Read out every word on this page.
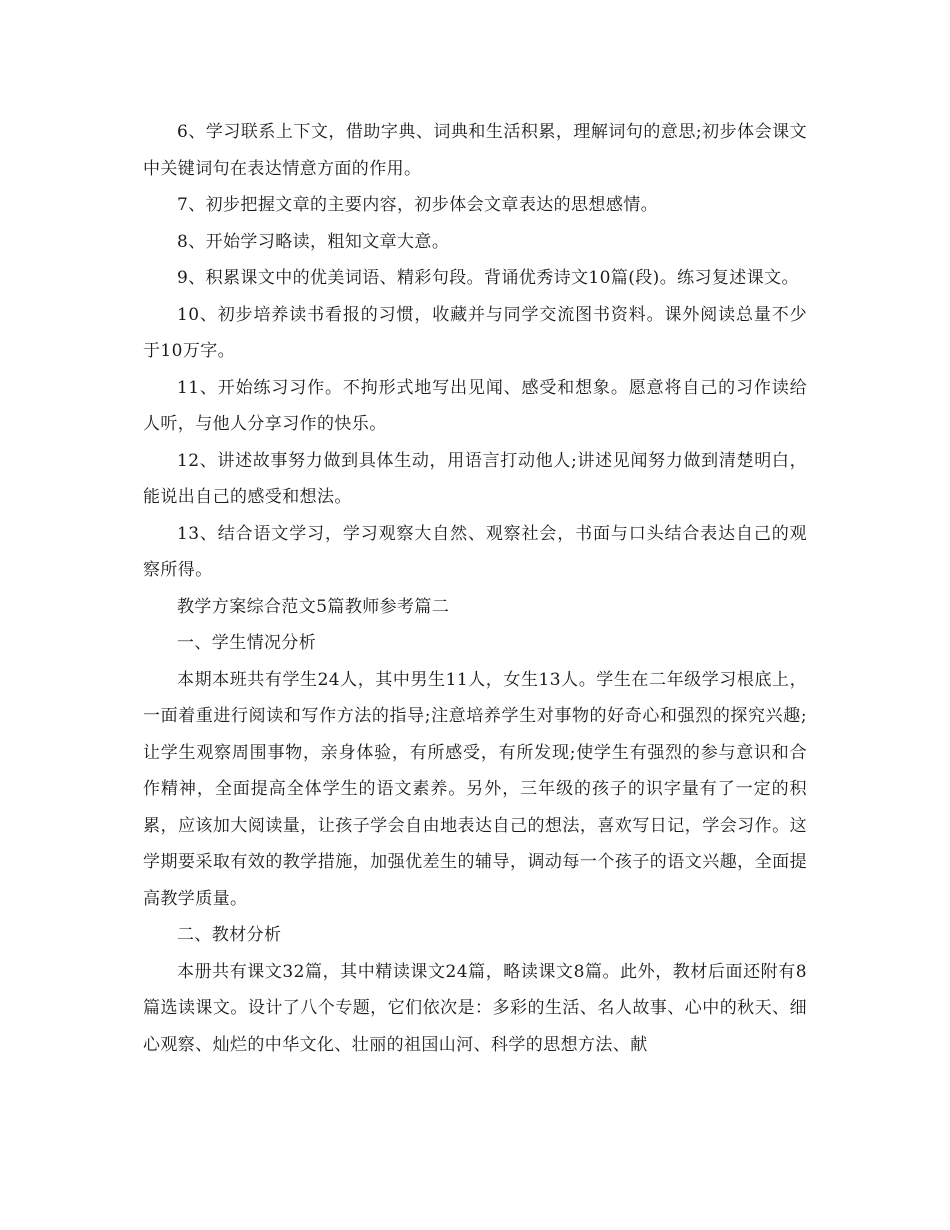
6、学习联系上下文，借助字典、词典和生活积累，理解词句的意思;初步体会课文中关键词句在表达情意方面的作用。

7、初步把握文章的主要内容，初步体会文章表达的思想感情。

8、开始学习略读，粗知文章大意。

9、积累课文中的优美词语、精彩句段。背诵优秀诗文10篇(段)。练习复述课文。

10、初步培养读书看报的习惯，收藏并与同学交流图书资料。课外阅读总量不少于10万字。

11、开始练习习作。不拘形式地写出见闻、感受和想象。愿意将自己的习作读给人听，与他人分享习作的快乐。

12、讲述故事努力做到具体生动，用语言打动他人;讲述见闻努力做到清楚明白，能说出自己的感受和想法。

13、结合语文学习，学习观察大自然、观察社会，书面与口头结合表达自己的观察所得。

教学方案综合范文5篇教师参考篇二

一、学生情况分析

本期本班共有学生24人，其中男生11人，女生13人。学生在二年级学习根底上，一面着重进行阅读和写作方法的指导;注意培养学生对事物的好奇心和强烈的探究兴趣;让学生观察周围事物，亲身体验，有所感受，有所发现;使学生有强烈的参与意识和合作精神，全面提高全体学生的语文素养。另外，三年级的孩子的识字量有了一定的积累，应该加大阅读量，让孩子学会自由地表达自己的想法，喜欢写日记，学会习作。这学期要采取有效的教学措施，加强优差生的辅导，调动每一个孩子的语文兴趣，全面提高教学质量。

二、教材分析

本册共有课文32篇，其中精读课文24篇，略读课文8篇。此外，教材后面还附有8篇选读课文。设计了八个专题，它们依次是：多彩的生活、名人故事、心中的秋天、细心观察、灿烂的中华文化、壮丽的祖国山河、科学的思想方法、献
